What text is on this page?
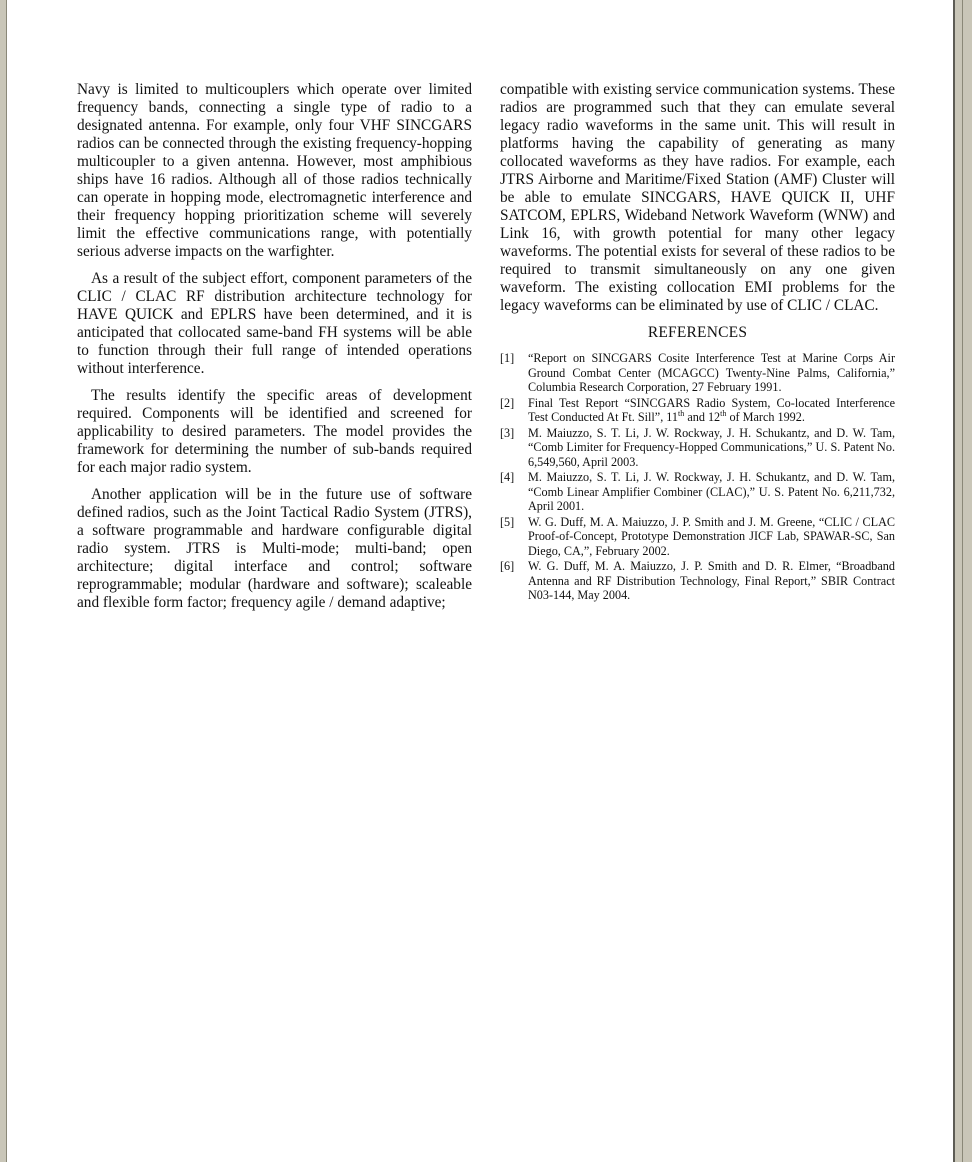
Navy is limited to multicouplers which operate over limited frequency bands, connecting a single type of radio to a designated antenna. For example, only four VHF SINCGARS radios can be connected through the existing frequency-hopping multicoupler to a given antenna. However, most amphibious ships have 16 radios. Although all of those radios technically can operate in hopping mode, electromagnetic interference and their frequency hopping prioritization scheme will severely limit the effective communications range, with potentially serious adverse impacts on the warfighter.

As a result of the subject effort, component parameters of the CLIC / CLAC RF distribution architecture technology for HAVE QUICK and EPLRS have been determined, and it is anticipated that collocated same-band FH systems will be able to function through their full range of intended operations without interference.

The results identify the specific areas of development required. Components will be identified and screened for applicability to desired parameters. The model provides the framework for determining the number of sub-bands required for each major radio system.

Another application will be in the future use of software defined radios, such as the Joint Tactical Radio System (JTRS), a software programmable and hardware configurable digital radio system. JTRS is Multi-mode; multi-band; open architecture; digital interface and control; software reprogrammable; modular (hardware and software); scaleable and flexible form factor; frequency agile / demand adaptive;

compatible with existing service communication systems. These radios are programmed such that they can emulate several legacy radio waveforms in the same unit. This will result in platforms having the capability of generating as many collocated waveforms as they have radios. For example, each JTRS Airborne and Maritime/Fixed Station (AMF) Cluster will be able to emulate SINCGARS, HAVE QUICK II, UHF SATCOM, EPLRS, Wideband Network Waveform (WNW) and Link 16, with growth potential for many other legacy waveforms. The potential exists for several of these radios to be required to transmit simultaneously on any one given waveform. The existing collocation EMI problems for the legacy waveforms can be eliminated by use of CLIC / CLAC.

REFERENCES
[1]	“Report on SINCGARS Cosite Interference Test at Marine Corps Air Ground Combat Center (MCAGCC) Twenty-Nine Palms, California,” Columbia Research Corporation, 27 February 1991.
[2]	Final Test Report “SINCGARS Radio System, Co-located Interference Test Conducted At Ft. Sill”, 11th and 12th of March 1992.
[3]	M. Maiuzzo, S. T. Li, J. W. Rockway, J. H. Schukantz, and D. W. Tam, “Comb Limiter for Frequency-Hopped Communications,” U. S. Patent No. 6,549,560, April 2003.
[4]	M. Maiuzzo, S. T. Li, J. W. Rockway, J. H. Schukantz, and D. W. Tam, “Comb Linear Amplifier Combiner (CLAC),” U. S. Patent No. 6,211,732, April 2001.
[5]	W. G. Duff, M. A. Maiuzzo, J. P. Smith and J. M. Greene, “CLIC / CLAC Proof-of-Concept, Prototype Demonstration JICF Lab, SPAWAR-SC, San Diego, CA,”, February 2002.
[6]	W. G. Duff, M. A. Maiuzzo, J. P. Smith and D. R. Elmer, “Broadband Antenna and RF Distribution Technology, Final Report,” SBIR Contract N03-144, May 2004.
